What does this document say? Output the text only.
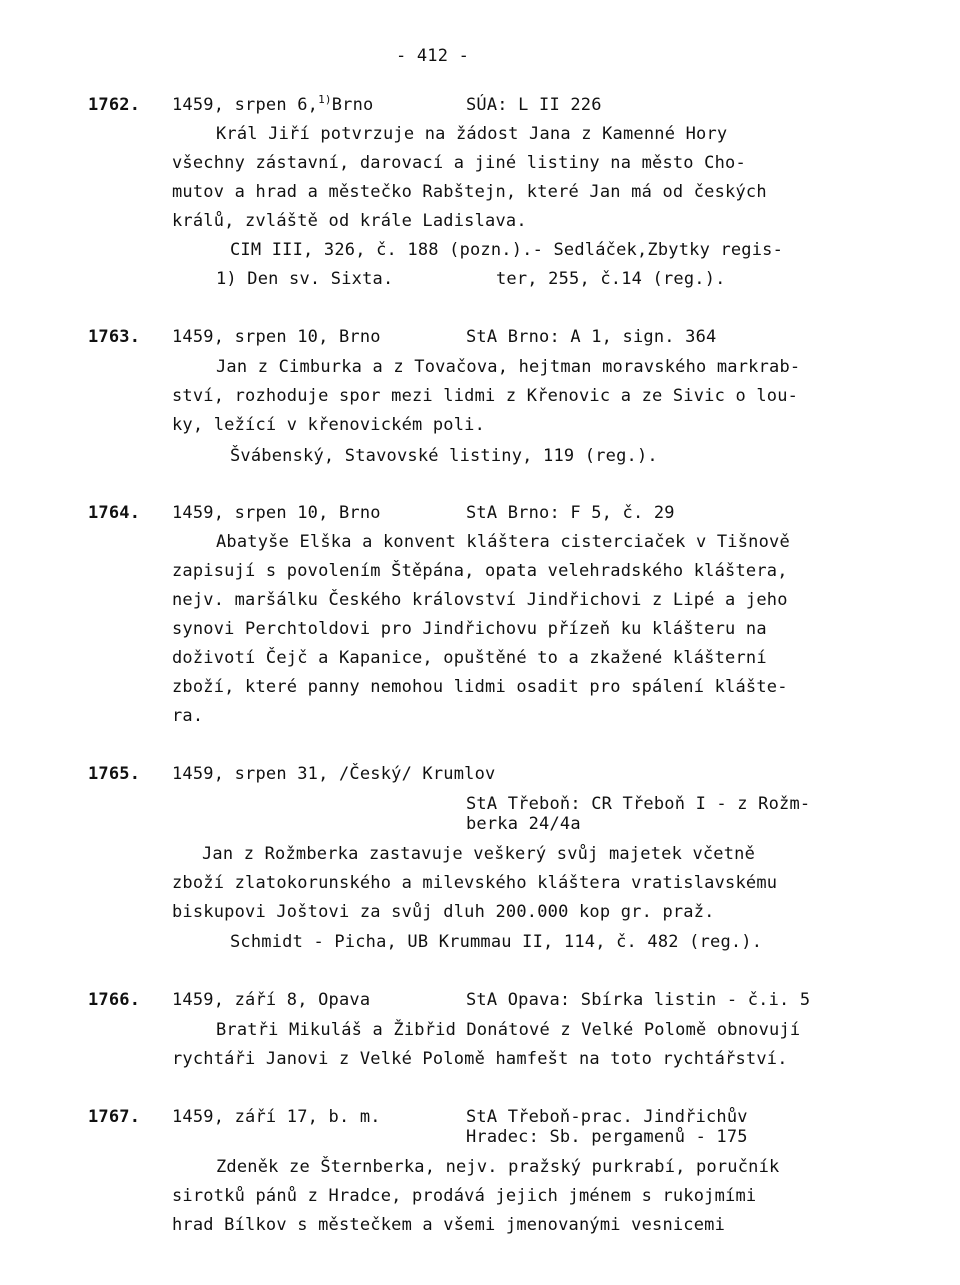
- 412 -
1762. 1459, srpen 6,$^{1)}$Brno	SÚA: L II 226
Král Jiří potvrzuje na žádost Jana z Kamenné Hory
všechny zástavní, darovací a jiné listiny na město Cho-
mutov a hrad a městečko Rabštejn, které Jan má od českých
králů, zvláště od krále Ladislava.
CIM III, 326, č. 188 (pozn.).- Sedláček,Zbytky regis-
ter, 255, č.14 (reg.).
1) Den sv. Sixta.
1763. 1459, srpen 10, Brno	StA Brno: A 1, sign. 364
Jan z Cimburka a z Tovačova, hejtman moravského markrab-
ství, rozhoduje spor mezi lidmi z Křenovic a ze Sivic o lou-
ky, ležící v křenovickém poli.
Švábenský, Stavovské listiny, 119 (reg.).
1764. 1459, srpen 10, Brno	StA Brno: F 5, č. 29
Abatyše Elška a konvent kláštera cisterciaček v Tišnově
zapisují s povolením Štěpána, opata velehradského kláštera,
nejv. maršálku Českého království Jindřichovi z Lipé a jeho
synovi Perchtoldovi pro Jindřichovu přízeň ku klášteru na
doživotí Čejč a Kapanice, opuštěné to a zkažené klášterní
zboží, které panny nemohou lidmi osadit pro spálení klášte-
ra.
1765. 1459, srpen 31, /Český/ Krumlov
StA Třeboň: CR Třeboň I - z Rožm-
berka 24/4a
Jan z Rožmberka zastavuje veškerý svůj majetek včetně
zboží zlatokorunského a milevského kláštera vratislavskému
biskupovi Joštovi za svůj dluh 200.000 kop gr. praž.
Schmidt - Picha, UB Krummau II, 114, č. 482 (reg.).
1766. 1459, září 8, Opava	StA Opava: Sbírka listin - č.i. 5
Bratři Mikuláš a Žibřid Donátové z Velké Polomě obnovují
rychtáři Janovi z Velké Polomě hamfešt na toto rychtářství.
1767. 1459, září 17, b. m.	StA Třeboň-prac. Jindřichův
Hradec: Sb. pergamenů - 175
Zdeněk ze Šternberka, nejv. pražský purkrabí, poručník
sirotků pánů z Hradce, prodává jejich jménem s rukojmími
hrad Bílkov s městečkem a všemi jmenovanými vesnicemi
